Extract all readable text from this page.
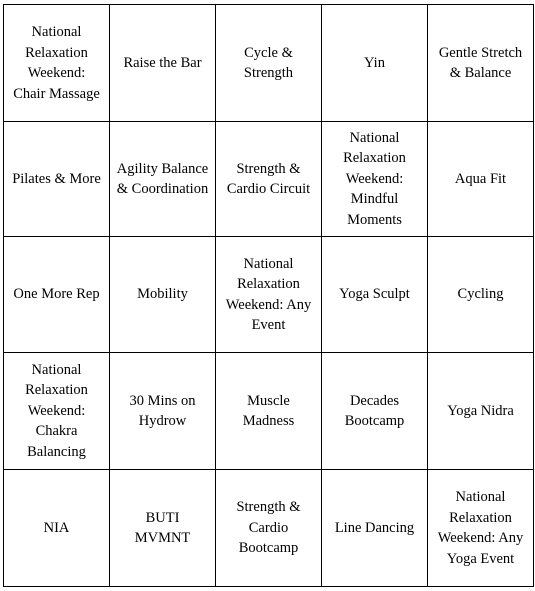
National Relaxation Weekend: Chair Massage	Raise the Bar	Cycle & Strength	Yin	Gentle Stretch & Balance
Pilates & More	Agility Balance & Coordination	Strength & Cardio Circuit	National Relaxation Weekend: Mindful Moments	Aqua Fit
One More Rep	Mobility	National Relaxation Weekend: Any Event	Yoga Sculpt	Cycling
National Relaxation Weekend: Chakra Balancing	30 Mins on Hydrow	Muscle Madness	Decades Bootcamp	Yoga Nidra
NIA	BUTI MVMNT	Strength & Cardio Bootcamp	Line Dancing	National Relaxation Weekend: Any Yoga Event
